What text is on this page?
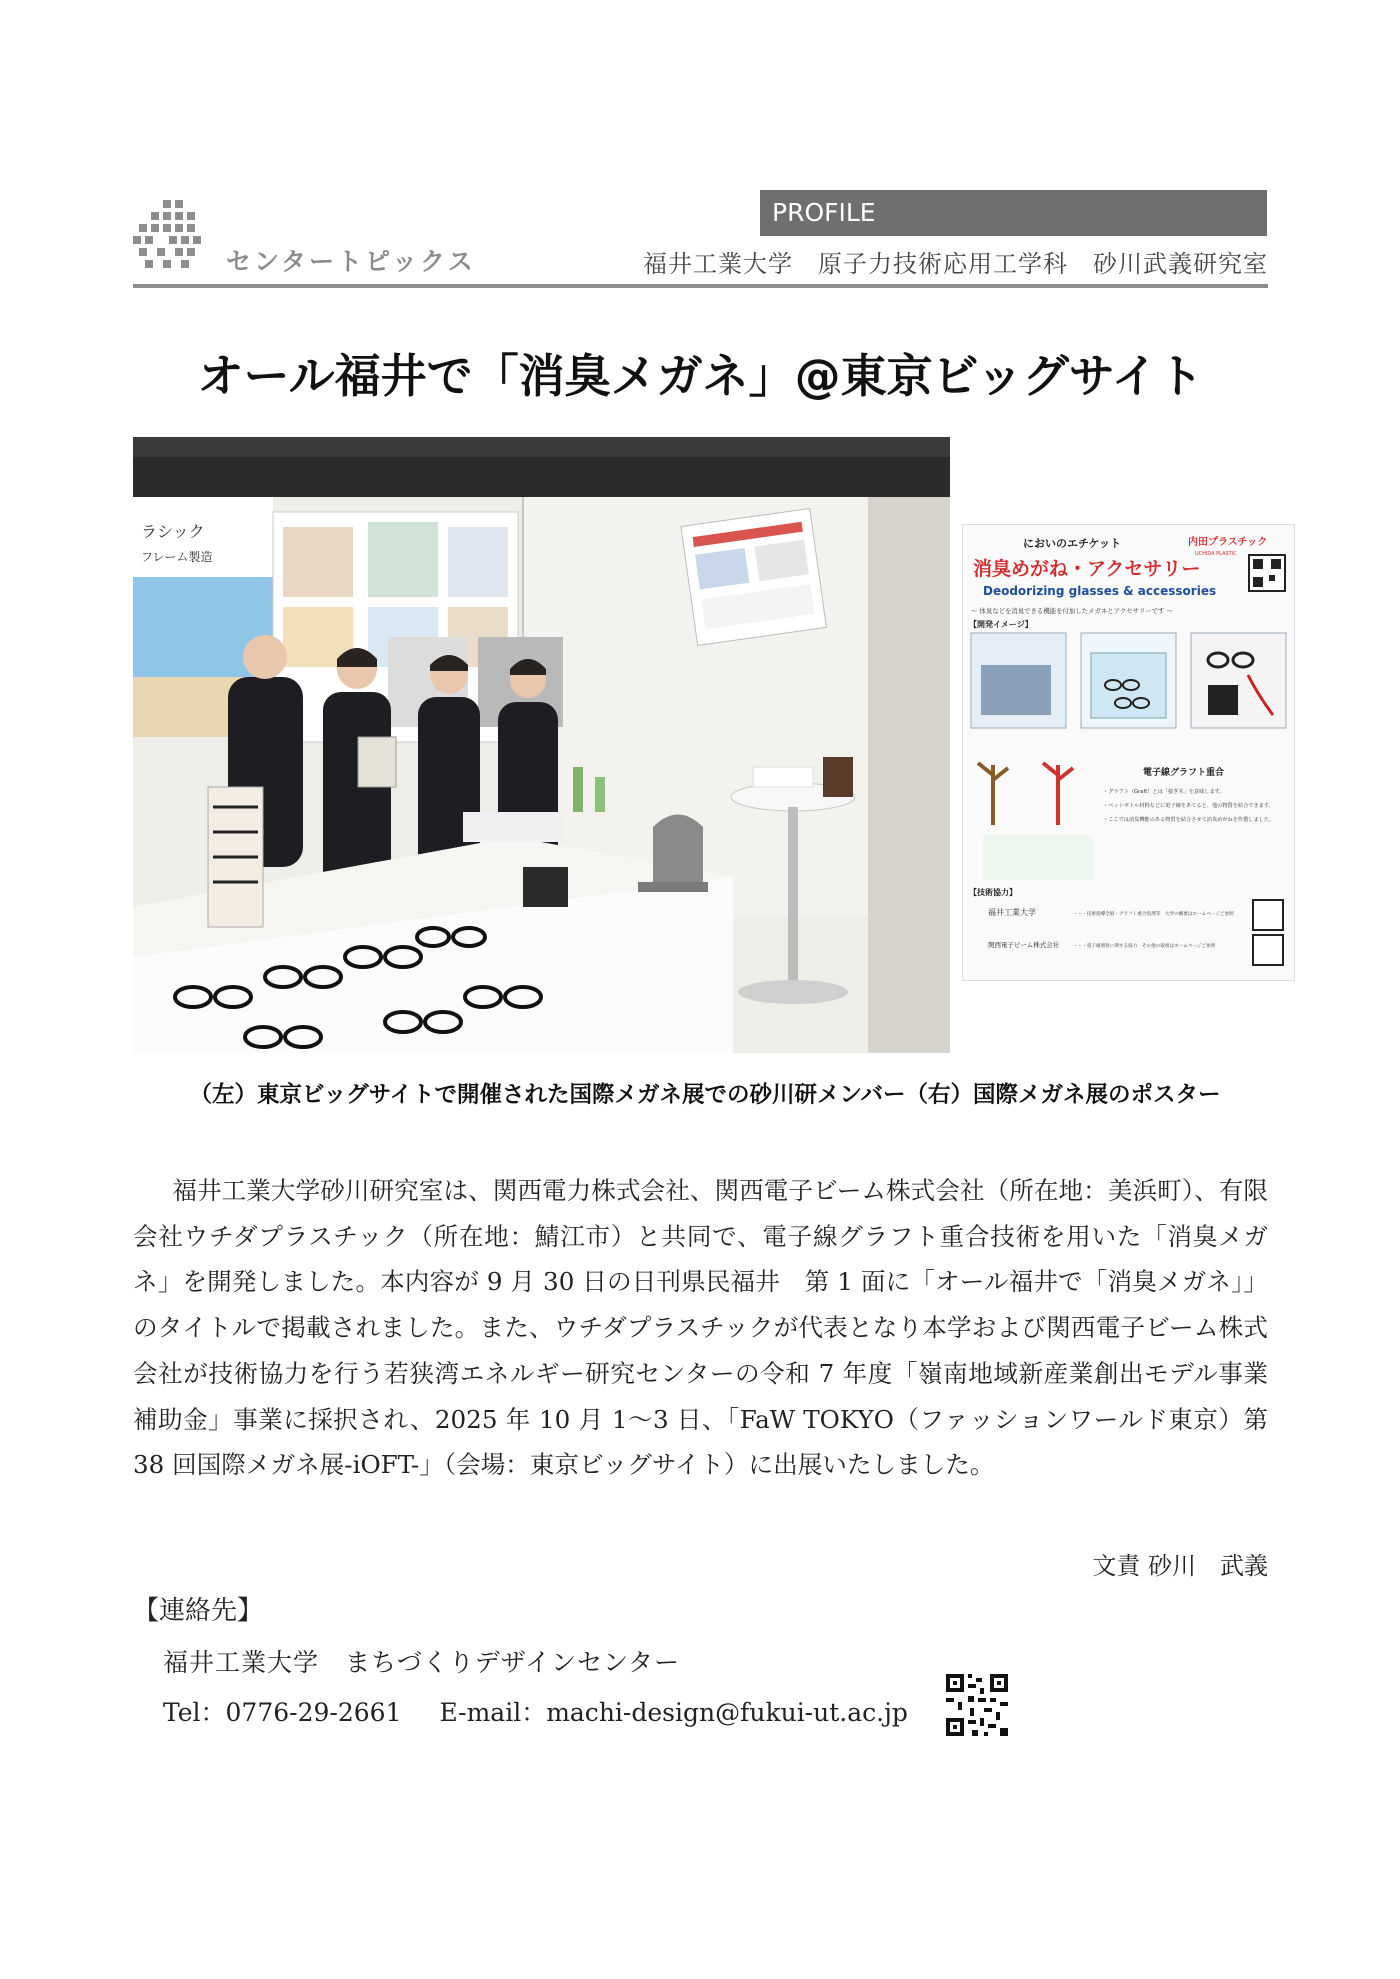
センタートピックス
PROFILE
福井工業大学　原子力技術応用工学科　砂川武義研究室
オール福井で「消臭メガネ」@東京ビッグサイト
ラシック
フレーム製造
においのエチケット	内田プラスチック
UCHIDA PLASTIC
消臭めがね・アクセサリー
Deodorizing glasses & accessories
～ 体臭などを消臭できる機能を付加したメガネとアクセサリーです ～
【開発イメージ】
電子線グラフト重合
・グラフト（Graft）とは「接ぎ木」を意味します。
・ペットボトル材料などに電子線をあてると、他の物質を結合できます。
・ここでは消臭機能のある物質を結合させて消臭めがねを作製しました。
【技術協力】
福井工業大学	・・・技術指導全般・グラフト重合処理等　大学の概要はホームページご参照
関西電子ビーム株式会社	・・・電子線照射に関する協力　その他の取組はホームページご参照
（左）東京ビッグサイトで開催された国際メガネ展での砂川研メンバー（右）国際メガネ展のポスター

福井工業大学砂川研究室は、関西電力株式会社、関西電子ビーム株式会社（所在地：美浜町）、有限会社ウチダプラスチック（所在地：鯖江市）と共同で、電子線グラフト重合技術を用いた「消臭メガネ」を開発しました。本内容が 9 月 30 日の日刊県民福井　第 1 面に「オール福井で「消臭メガネ」」のタイトルで掲載されました。また、ウチダプラスチックが代表となり本学および関西電子ビーム株式会社が技術協力を行う若狭湾エネルギー研究センターの令和 7 年度「嶺南地域新産業創出モデル事業補助金」事業に採択され、2025 年 10 月 1～3 日、「FaW TOKYO（ファッションワールド東京）第 38 回国際メガネ展-iOFT-」（会場：東京ビッグサイト）に出展いたしました。

文責 砂川　武義
【連絡先】
福井工業大学　まちづくりデザインセンター
Tel：0776-29-2661 E-mail：machi-design@fukui-ut.ac.jp
